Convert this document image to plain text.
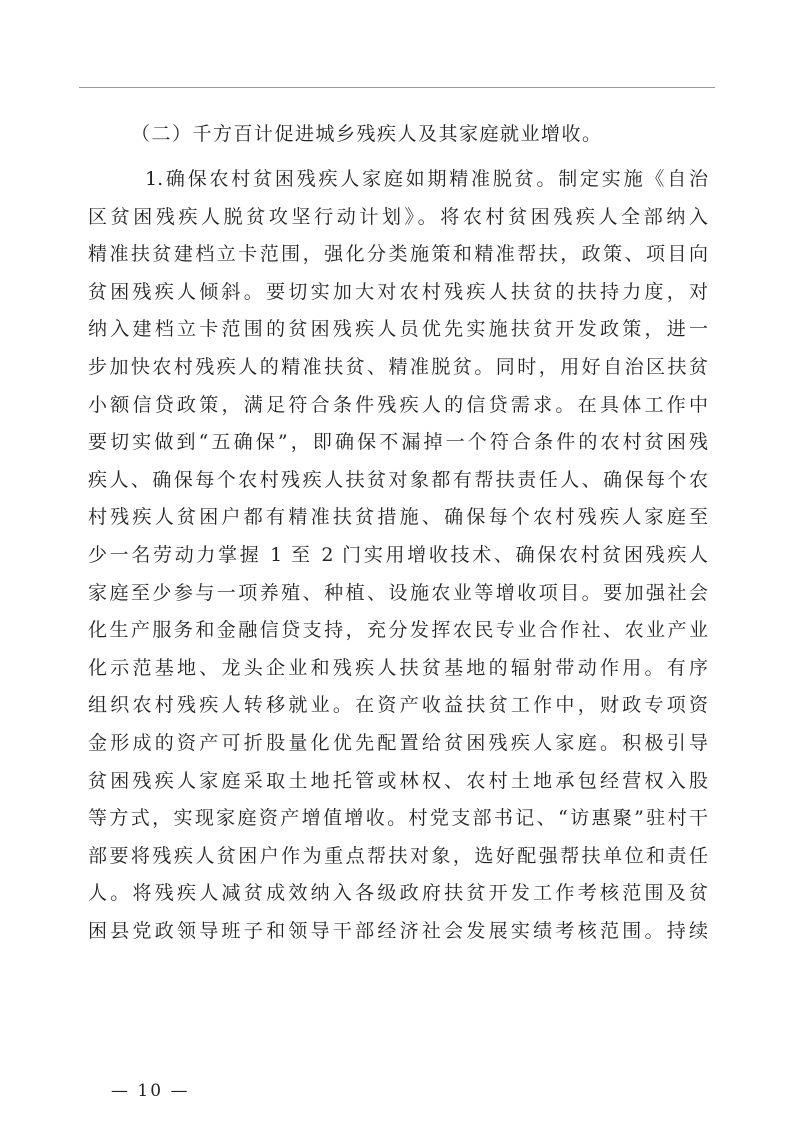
（二）千方百计促进城乡残疾人及其家庭就业增收。
1.确保农村贫困残疾人家庭如期精准脱贫。制定实施《自治
区贫困残疾人脱贫攻坚行动计划》。将农村贫困残疾人全部纳入
精准扶贫建档立卡范围，强化分类施策和精准帮扶，政策、项目向
贫困残疾人倾斜。要切实加大对农村残疾人扶贫的扶持力度，对
纳入建档立卡范围的贫困残疾人员优先实施扶贫开发政策，进一
步加快农村残疾人的精准扶贫、精准脱贫。同时，用好自治区扶贫
小额信贷政策，满足符合条件残疾人的信贷需求。在具体工作中
要切实做到“五确保”，即确保不漏掉一个符合条件的农村贫困残
疾人、确保每个农村残疾人扶贫对象都有帮扶责任人、确保每个农
村残疾人贫困户都有精准扶贫措施、确保每个农村残疾人家庭至
少一名劳动力掌握 1 至 2 门实用增收技术、确保农村贫困残疾人
家庭至少参与一项养殖、种植、设施农业等增收项目。要加强社会
化生产服务和金融信贷支持，充分发挥农民专业合作社、农业产业
化示范基地、龙头企业和残疾人扶贫基地的辐射带动作用。有序
组织农村残疾人转移就业。在资产收益扶贫工作中，财政专项资
金形成的资产可折股量化优先配置给贫困残疾人家庭。积极引导
贫困残疾人家庭采取土地托管或林权、农村土地承包经营权入股
等方式，实现家庭资产增值增收。村党支部书记、“访惠聚”驻村干
部要将残疾人贫困户作为重点帮扶对象，选好配强帮扶单位和责任
人。将残疾人减贫成效纳入各级政府扶贫开发工作考核范围及贫
困县党政领导班子和领导干部经济社会发展实绩考核范围。持续
— 10 —
